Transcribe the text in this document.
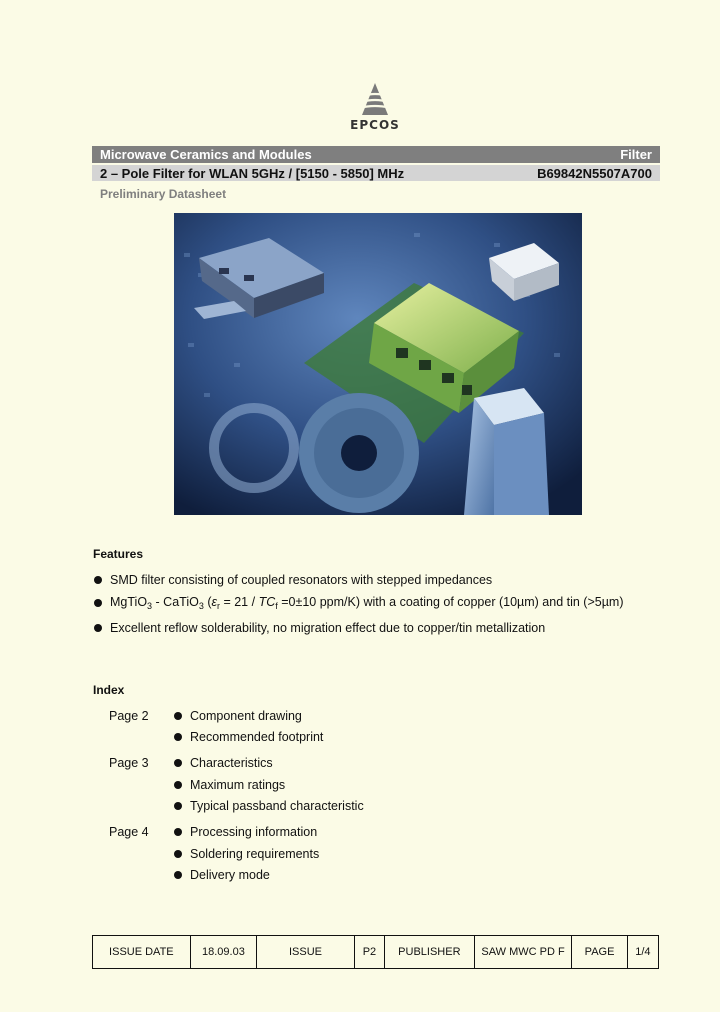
EPCOS
Microwave Ceramics and Modules	Filter
2 – Pole Filter for WLAN 5GHz / [5150 - 5850] MHz	B69842N5507A700
Preliminary Datasheet
Features
SMD filter consisting of coupled resonators with stepped impedances
MgTiO$_3$ - CaTiO$_3$ ($\varepsilon_r = 21 / TC_f =0\pm 10$ ppm/K) with a coating of copper (10µm) and tin (>5µm)
Excellent reflow solderability, no migration effect due to copper/tin metallization
Index
Page 2	Component drawing
Recommended footprint
Page 3	Characteristics
Maximum ratings
Typical passband characteristic
Page 4	Processing information
Soldering requirements
Delivery mode
ISSUE DATE	18.09.03	ISSUE	P2	PUBLISHER	SAW MWC PD F	PAGE	1/4
